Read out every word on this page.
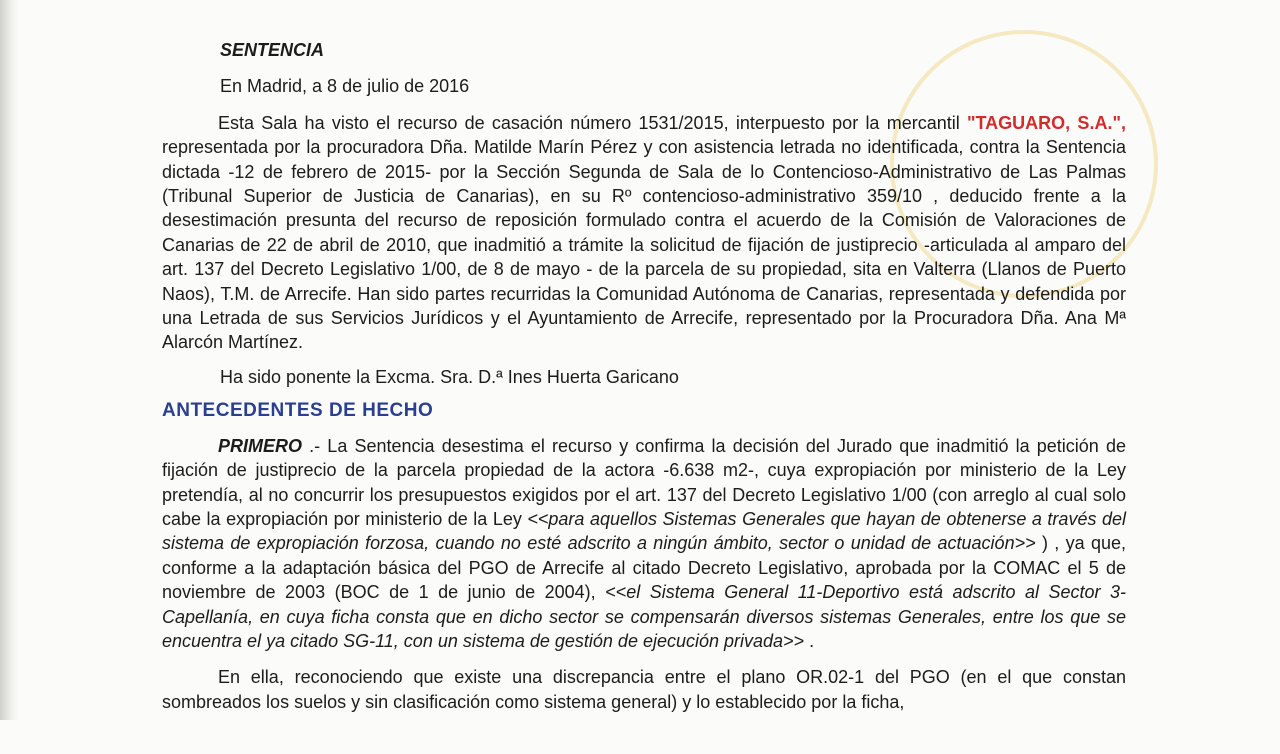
SENTENCIA

En Madrid, a 8 de julio de 2016

Esta Sala ha visto el recurso de casación número 1531/2015, interpuesto por la mercantil "TAGUARO, S.A.", representada por la procuradora Dña. Matilde Marín Pérez y con asistencia letrada no identificada, contra la Sentencia dictada -12 de febrero de 2015- por la Sección Segunda de Sala de lo Contencioso-Administrativo de Las Palmas (Tribunal Superior de Justicia de Canarias), en su Rº contencioso-administrativo 359/10 , deducido frente a la desestimación presunta del recurso de reposición formulado contra el acuerdo de la Comisión de Valoraciones de Canarias de 22 de abril de 2010, que inadmitió a trámite la solicitud de fijación de justiprecio -articulada al amparo del art. 137 del Decreto Legislativo 1/00, de 8 de mayo - de la parcela de su propiedad, sita en Valterra (Llanos de Puerto Naos), T.M. de Arrecife. Han sido partes recurridas la Comunidad Autónoma de Canarias, representada y defendida por una Letrada de sus Servicios Jurídicos y el Ayuntamiento de Arrecife, representado por la Procuradora Dña. Ana Mª Alarcón Martínez.

Ha sido ponente la Excma. Sra. D.ª Ines Huerta Garicano

ANTECEDENTES DE HECHO

PRIMERO .- La Sentencia desestima el recurso y confirma la decisión del Jurado que inadmitió la petición de fijación de justiprecio de la parcela propiedad de la actora -6.638 m2-, cuya expropiación por ministerio de la Ley pretendía, al no concurrir los presupuestos exigidos por el art. 137 del Decreto Legislativo 1/00 (con arreglo al cual solo cabe la expropiación por ministerio de la Ley <<para aquellos Sistemas Generales que hayan de obtenerse a través del sistema de expropiación forzosa, cuando no esté adscrito a ningún ámbito, sector o unidad de actuación>> ) , ya que, conforme a la adaptación básica del PGO de Arrecife al citado Decreto Legislativo, aprobada por la COMAC el 5 de noviembre de 2003 (BOC de 1 de junio de 2004), <<el Sistema General 11-Deportivo está adscrito al Sector 3-Capellanía, en cuya ficha consta que en dicho sector se compensarán diversos sistemas Generales, entre los que se encuentra el ya citado SG-11, con un sistema de gestión de ejecución privada>> .

En ella, reconociendo que existe una discrepancia entre el plano OR.02-1 del PGO (en el que constan sombreados los suelos y sin clasificación como sistema general) y lo establecido por la ficha,
